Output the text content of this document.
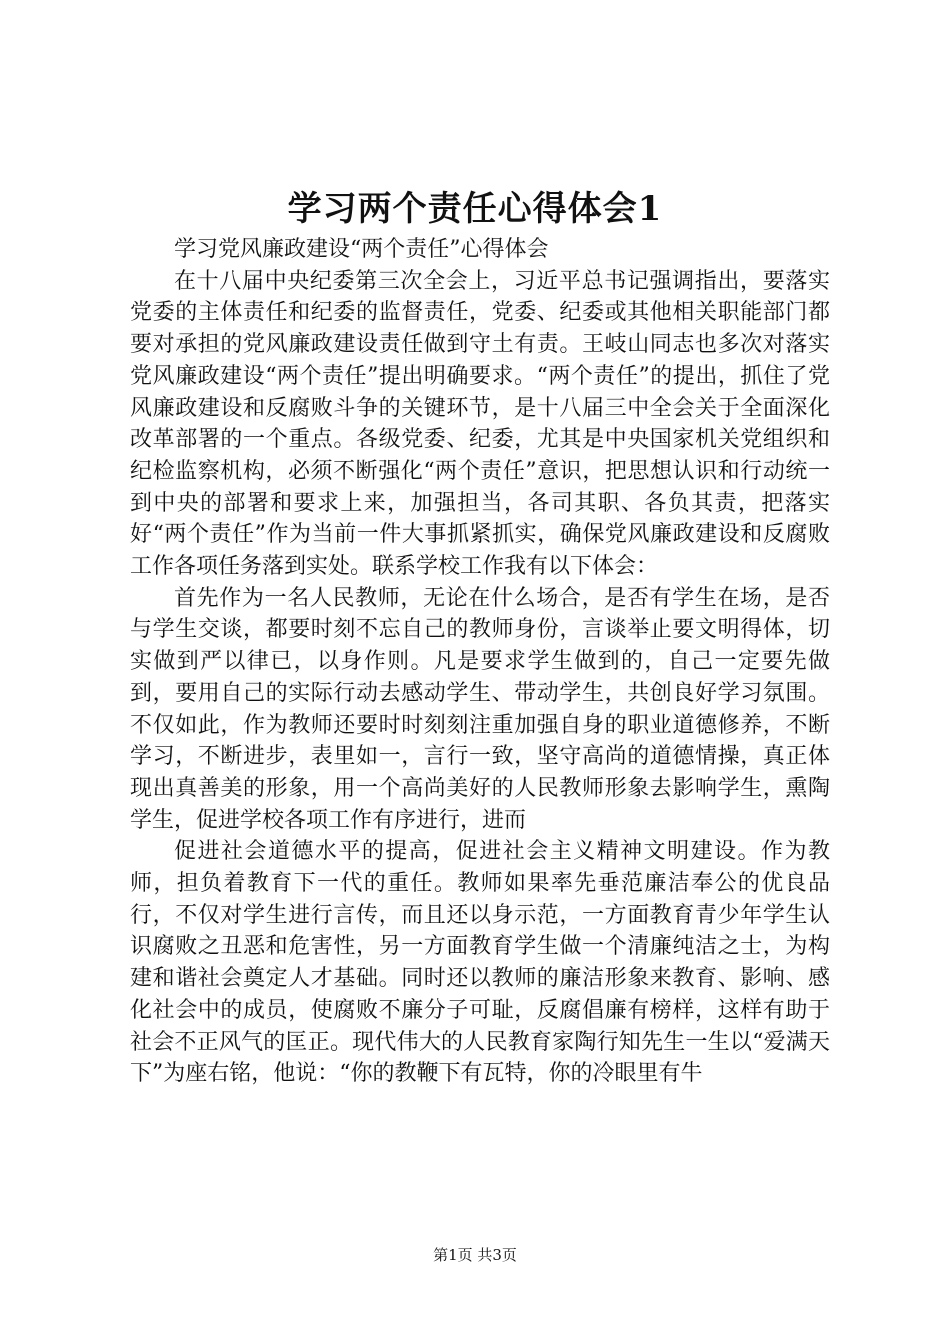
学习两个责任心得体会1

学习党风廉政建设“两个责任”心得体会

在十八届中央纪委第三次全会上，习近平总书记强调指出，要落实党委的主体责任和纪委的监督责任，党委、纪委或其他相关职能部门都要对承担的党风廉政建设责任做到守土有责。王岐山同志也多次对落实党风廉政建设“两个责任”提出明确要求。“两个责任”的提出，抓住了党风廉政建设和反腐败斗争的关键环节，是十八届三中全会关于全面深化改革部署的一个重点。各级党委、纪委，尤其是中央国家机关党组织和纪检监察机构，必须不断强化“两个责任”意识，把思想认识和行动统一到中央的部署和要求上来，加强担当，各司其职、各负其责，把落实好“两个责任”作为当前一件大事抓紧抓实，确保党风廉政建设和反腐败工作各项任务落到实处。联系学校工作我有以下体会：

首先作为一名人民教师，无论在什么场合，是否有学生在场，是否与学生交谈，都要时刻不忘自己的教师身份，言谈举止要文明得体，切实做到严以律已，以身作则。凡是要求学生做到的，自己一定要先做到，要用自己的实际行动去感动学生、带动学生，共创良好学习氛围。不仅如此，作为教师还要时时刻刻注重加强自身的职业道德修养，不断学习，不断进步，表里如一，言行一致，坚守高尚的道德情操，真正体现出真善美的形象，用一个高尚美好的人民教师形象去影响学生，熏陶学生，促进学校各项工作有序进行，进而

促进社会道德水平的提高，促进社会主义精神文明建设。作为教师，担负着教育下一代的重任。教师如果率先垂范廉洁奉公的优良品行，不仅对学生进行言传，而且还以身示范，一方面教育青少年学生认识腐败之丑恶和危害性，另一方面教育学生做一个清廉纯洁之士，为构建和谐社会奠定人才基础。同时还以教师的廉洁形象来教育、影响、感化社会中的成员，使腐败不廉分子可耻，反腐倡廉有榜样，这样有助于社会不正风气的匡正。现代伟大的人民教育家陶行知先生一生以“爱满天下”为座右铭，他说：“你的教鞭下有瓦特，你的冷眼里有牛

第1页 共3页
